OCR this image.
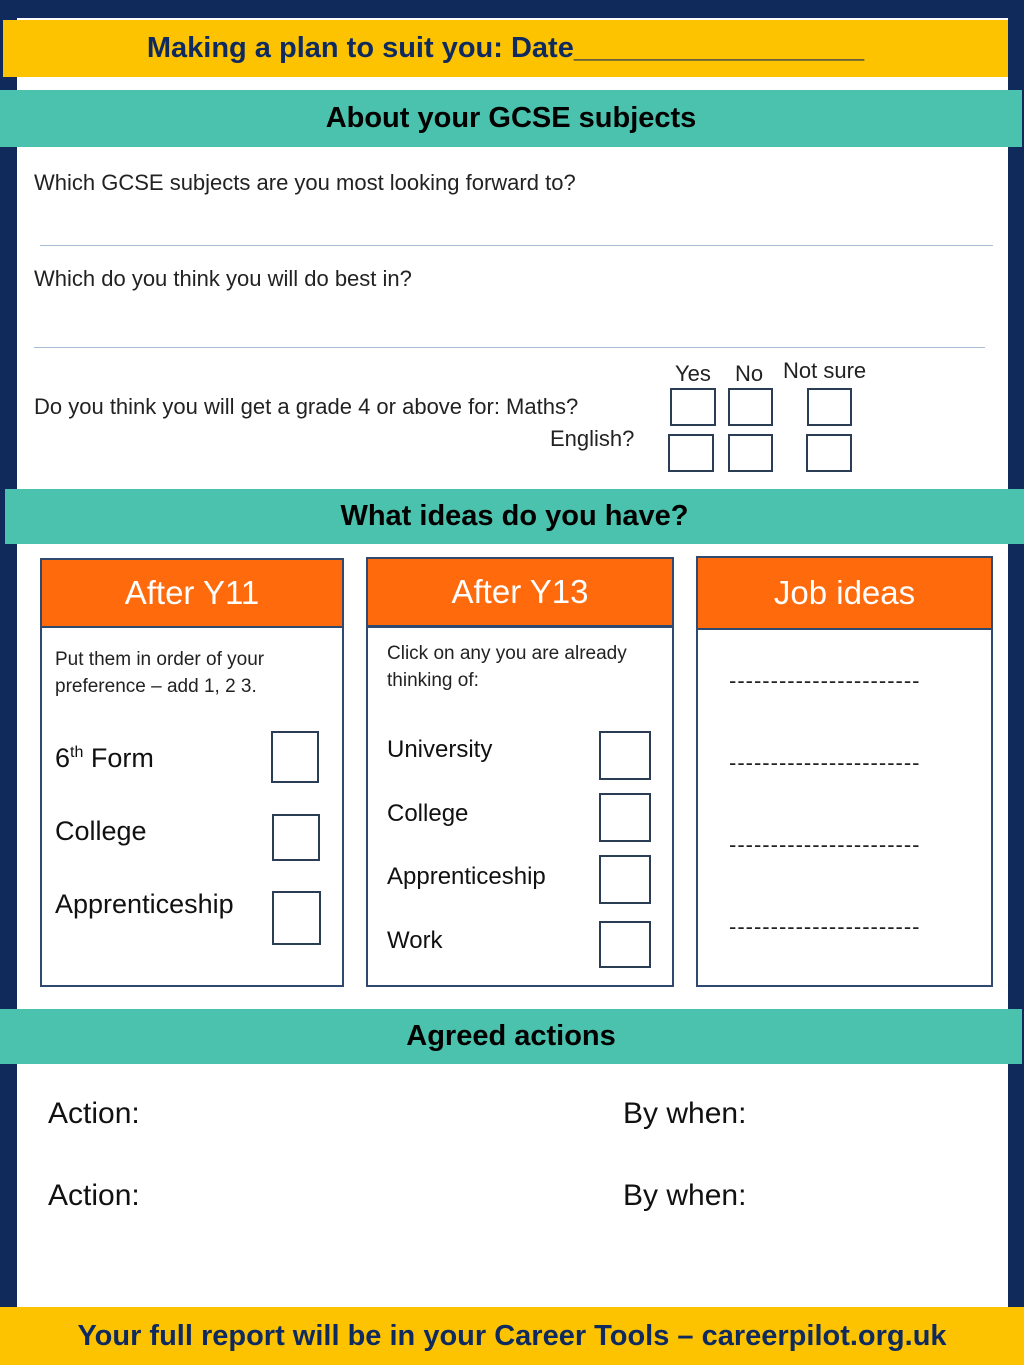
Making a plan to suit you: Date__________________
About your GCSE subjects
Which GCSE subjects are you most looking forward to?
Which do you think you will do best in?
Yes No Not sure
Do you think you will get a grade 4 or above for: Maths?
English?
What ideas do you have?
After Y11
Put them in order of your preference – add 1, 2 3.
6th Form
College
Apprenticeship
After Y13
Click on any you are already thinking of:
University
College
Apprenticeship
Work
Job ideas
-----------------------
-----------------------
-----------------------
-----------------------
Agreed actions
Action:	By when:
Action:	By when:
Your full report will be in your Career Tools – careerpilot.org.uk
